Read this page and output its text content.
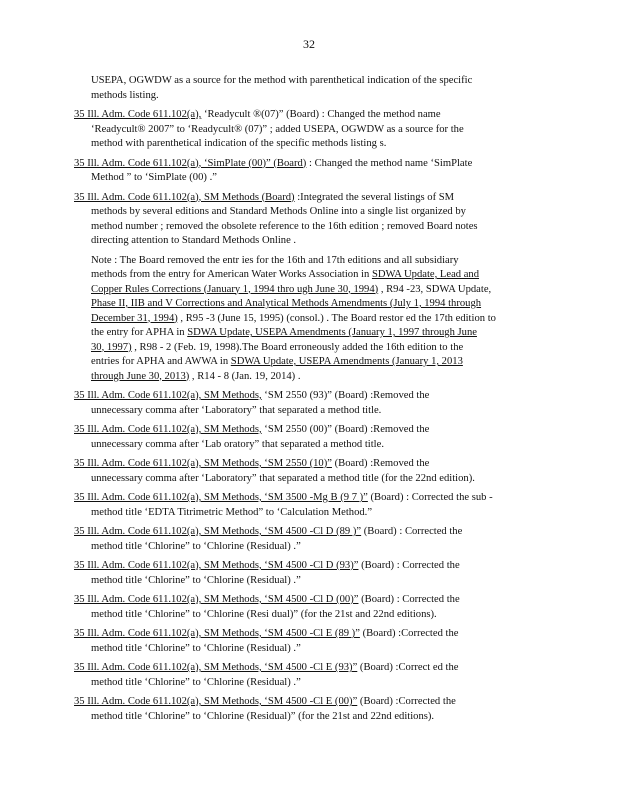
32
USEPA, OGWDW as a source for the method with parenthetical indication of the specific
methods listing.
35 Ill. Adm. Code 611.102(a), ‘Readycult ®(07)” (Board) : Changed the method name
‘Readycult® 2007” to ‘Readycult® (07)” ; added USEPA, OGWDW as a source for the
method with parenthetical indication of the specific methods listing s.
35 Ill. Adm. Code 611.102(a), ‘SimPlate (00)” (Board) : Changed the method name ‘SimPlate
Method ” to ‘SimPlate (00) .”
35 Ill. Adm. Code 611.102(a), SM Methods (Board) :Integrated the several listings of SM
methods by several editions and Standard Methods Online into a single list organized by
method number ; removed the obsolete reference to the 16th edition ; removed Board notes
directing attention to Standard Methods Online .
Note : The Board removed the entr ies for the 16th and 17th editions and all subsidiary
methods from the entry for American Water Works Association in SDWA Update, Lead and
Copper Rules Corrections (January 1, 1994 thro ugh June 30, 1994) , R94 -23, SDWA Update,
Phase II, IIB and V Corrections and Analytical Methods Amendments (July 1, 1994 through
December 31, 1994) , R95 -3 (June 15, 1995) (consol.) . The Board restor ed the 17th edition to
the entry for APHA in SDWA Update, USEPA Amendments (January 1, 1997 through June
30, 1997) , R98 - 2 (Feb. 19, 1998).The Board erroneously added the 16th edition to the
entries for APHA and AWWA in SDWA Update, USEPA Amendments (January 1, 2013
through June 30, 2013) , R14 - 8 (Jan. 19, 2014) .
35 Ill. Adm. Code 611.102(a), SM Methods, ‘SM 2550 (93)” (Board) :Removed the
unnecessary comma after ‘Laboratory” that separated a method title.
35 Ill. Adm. Code 611.102(a), SM Methods, ‘SM 2550 (00)” (Board) :Removed the
unnecessary comma after ‘Lab oratory” that separated a method title.
35 Ill. Adm. Code 611.102(a), SM Methods, ‘SM 2550 (10)” (Board) :Removed the
unnecessary comma after ‘Laboratory” that separated a method title (for the 22nd edition).
35 Ill. Adm. Code 611.102(a), SM Methods, ‘SM 3500 -Mg B (9 7 )” (Board) : Corrected the sub -
method title ‘EDTA Titrimetric Method” to ‘Calculation Method.”
35 Ill. Adm. Code 611.102(a), SM Methods, ‘SM 4500 -Cl D (89 )” (Board) : Corrected the
method title ‘Chlorine” to ‘Chlorine (Residual) .”
35 Ill. Adm. Code 611.102(a), SM Methods, ‘SM 4500 -Cl D (93)” (Board) : Corrected the
method title ‘Chlorine” to ‘Chlorine (Residual) .”
35 Ill. Adm. Code 611.102(a), SM Methods, ‘SM 4500 -Cl D (00)” (Board) : Corrected the
method title ‘Chlorine” to ‘Chlorine (Resi dual)” (for the 21st and 22nd editions).
35 Ill. Adm. Code 611.102(a), SM Methods, ‘SM 4500 -Cl E (89 )” (Board) :Corrected the
method title ‘Chlorine” to ‘Chlorine (Residual) .”
35 Ill. Adm. Code 611.102(a), SM Methods, ‘SM 4500 -Cl E (93)” (Board) :Correct ed the
method title ‘Chlorine” to ‘Chlorine (Residual) .”
35 Ill. Adm. Code 611.102(a), SM Methods, ‘SM 4500 -Cl E (00)” (Board) :Corrected the
method title ‘Chlorine” to ‘Chlorine (Residual)” (for the 21st and 22nd editions).
